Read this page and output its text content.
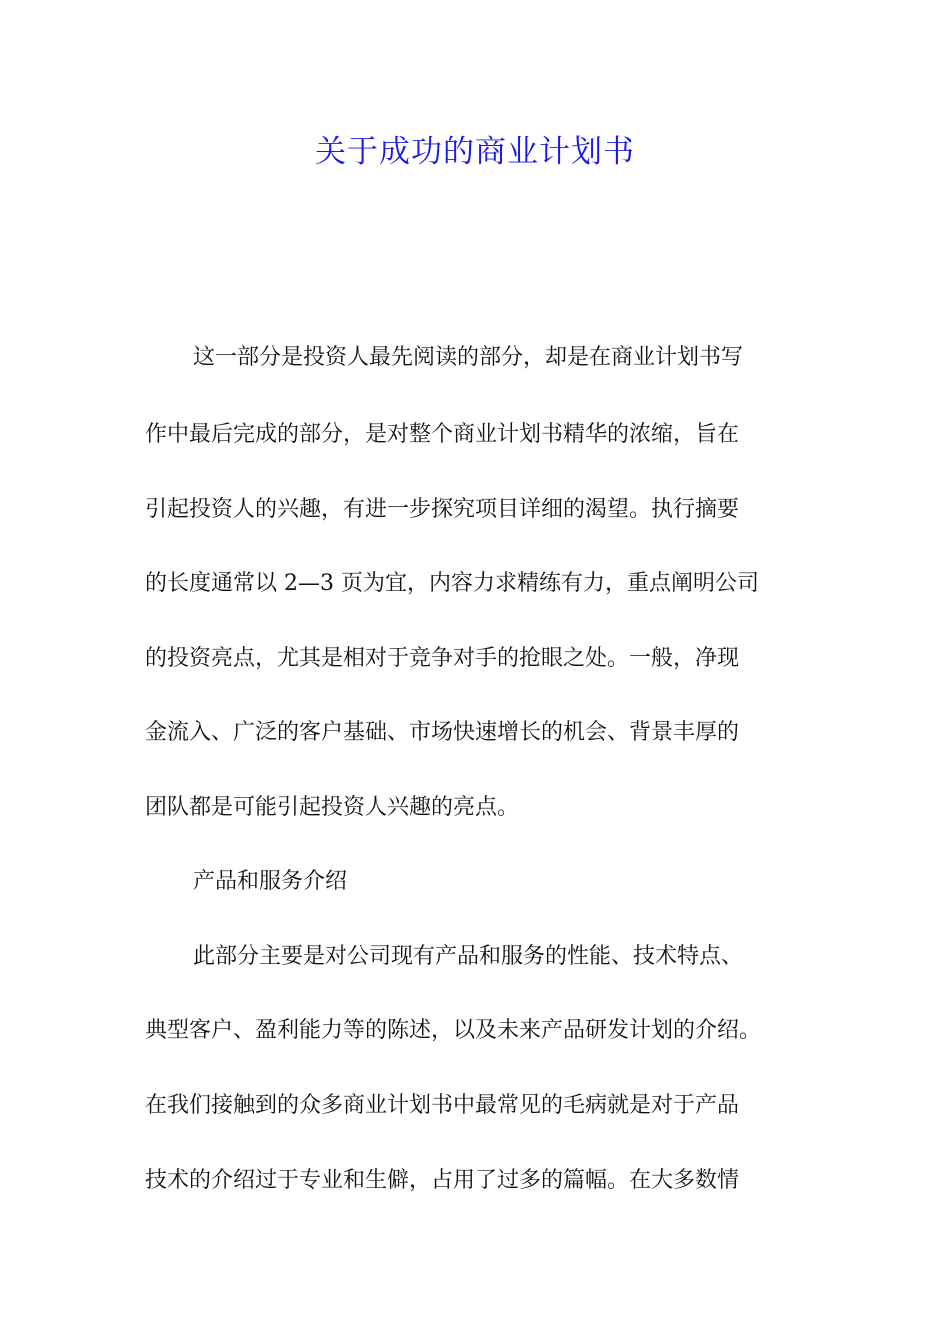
关于成功的商业计划书

这一部分是投资人最先阅读的部分，却是在商业计划书写

作中最后完成的部分，是对整个商业计划书精华的浓缩，旨在

引起投资人的兴趣，有进一步探究项目详细的渴望。执行摘要

的长度通常以 2—3 页为宜，内容力求精练有力，重点阐明公司

的投资亮点，尤其是相对于竞争对手的抢眼之处。一般，净现

金流入、广泛的客户基础、市场快速增长的机会、背景丰厚的

团队都是可能引起投资人兴趣的亮点。

产品和服务介绍

此部分主要是对公司现有产品和服务的性能、技术特点、

典型客户、盈利能力等的陈述，以及未来产品研发计划的介绍。

在我们接触到的众多商业计划书中最常见的毛病就是对于产品

技术的介绍过于专业和生僻，占用了过多的篇幅。在大多数情
